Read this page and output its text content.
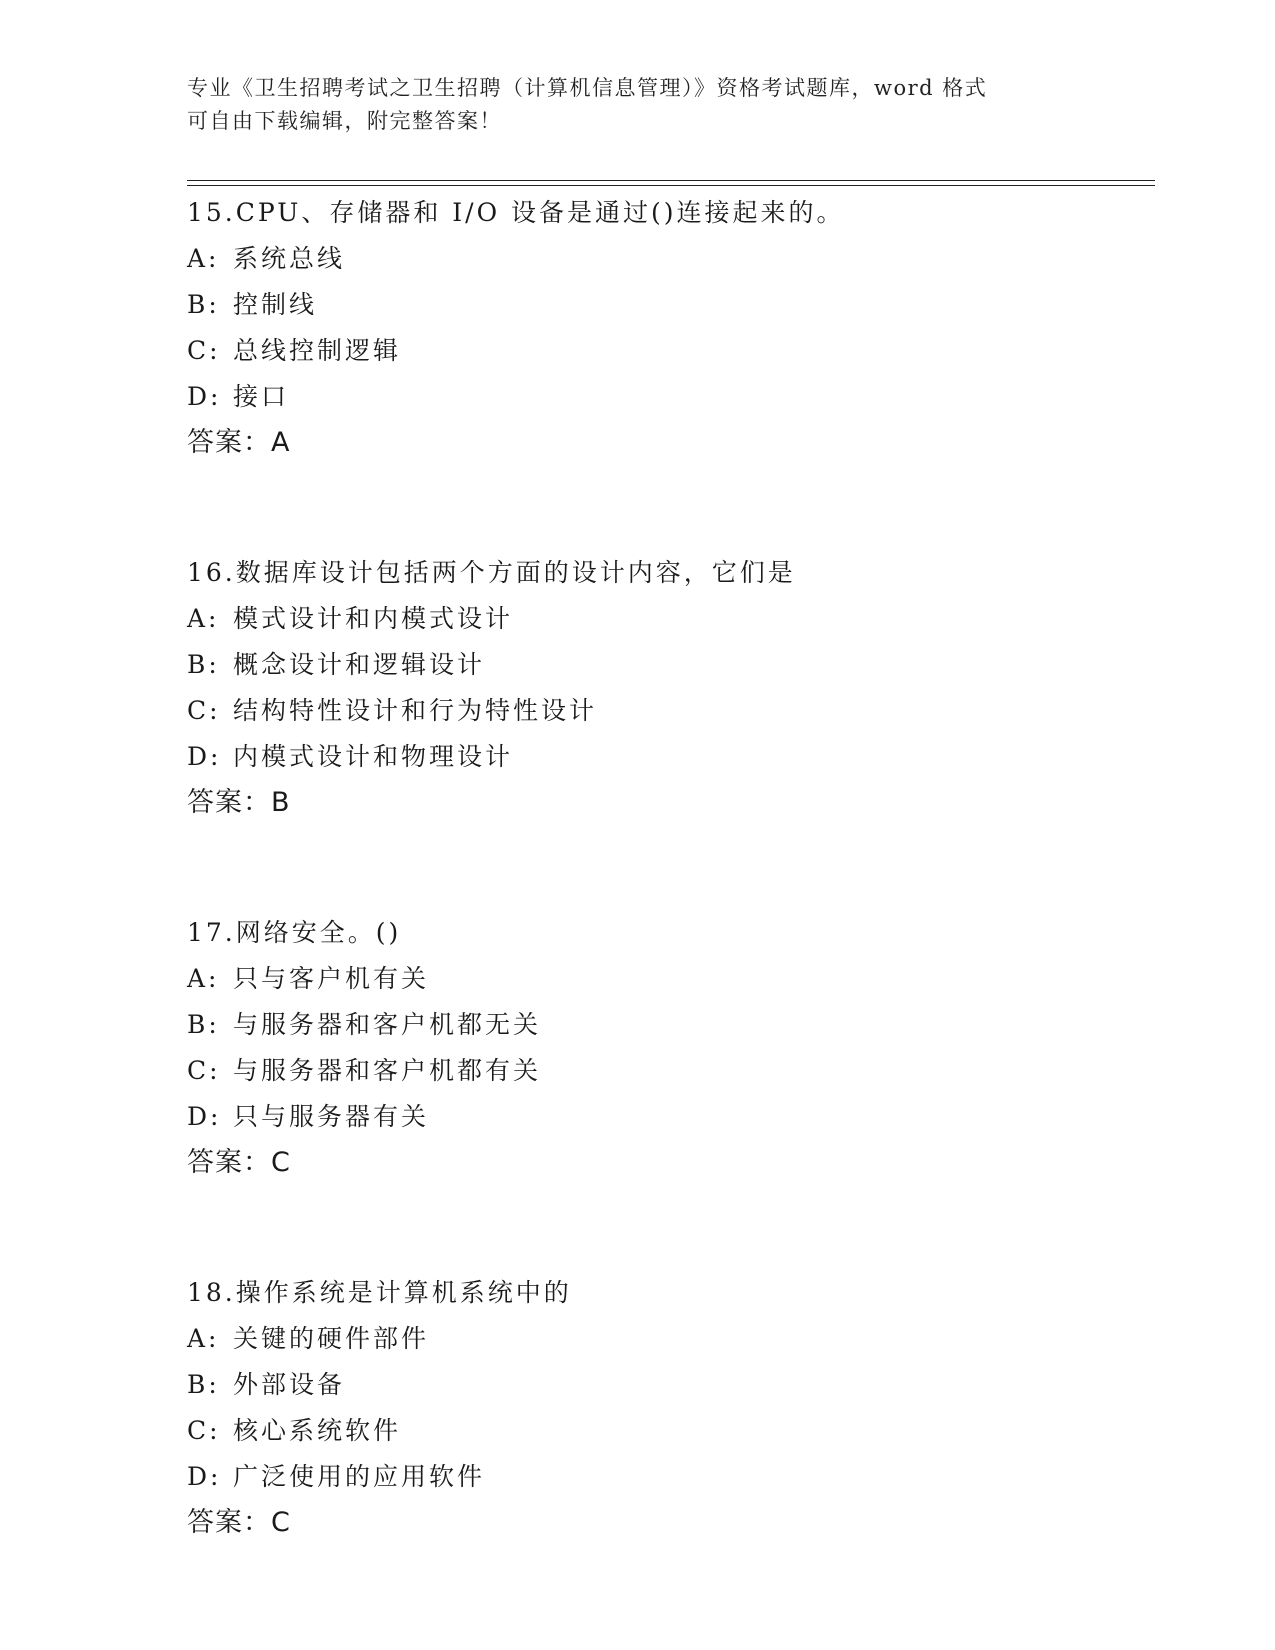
专业《卫生招聘考试之卫生招聘（计算机信息管理）》资格考试题库，word 格式
可自由下载编辑，附完整答案！
15.CPU、存储器和 I/O 设备是通过()连接起来的。
A: 系统总线
B: 控制线
C: 总线控制逻辑
D: 接口
答案：A
16.数据库设计包括两个方面的设计内容，它们是
A: 模式设计和内模式设计
B: 概念设计和逻辑设计
C: 结构特性设计和行为特性设计
D: 内模式设计和物理设计
答案：B
17.网络安全。()
A: 只与客户机有关
B: 与服务器和客户机都无关
C: 与服务器和客户机都有关
D: 只与服务器有关
答案：C
18.操作系统是计算机系统中的
A: 关键的硬件部件
B: 外部设备
C: 核心系统软件
D: 广泛使用的应用软件
答案：C
